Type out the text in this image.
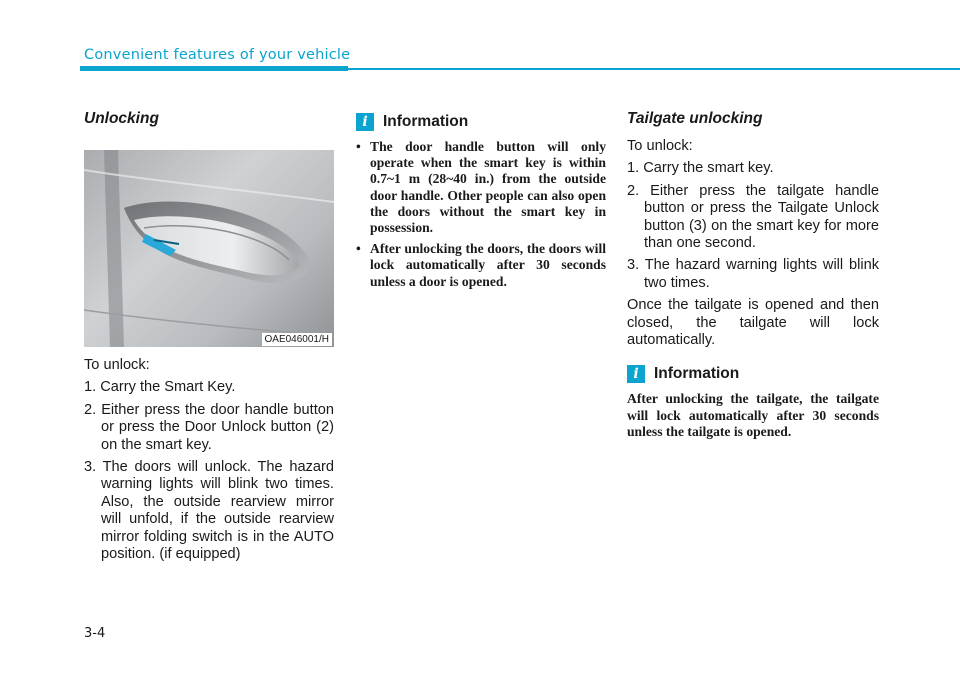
Convenient features of your vehicle
Unlocking
OAE046001/H

To unlock:

1. Carry the Smart Key.
2. Either press the door handle button or press the Door Unlock button (2) on the smart key.
3. The doors will unlock. The hazard warning lights will blink two times. Also, the outside rearview mirror will unfold, if the outside rearview mirror folding switch is in the AUTO position. (if equipped)
i Information
• The door handle button will only operate when the smart key is within 0.7~1 m (28~40 in.) from the outside door handle. Other people can also open the doors without the smart key in possession.
• After unlocking the doors, the doors will lock automatically after 30 seconds unless a door is opened.
Tailgate unlocking

To unlock:

1. Carry the smart key.
2. Either press the tailgate handle button or press the Tailgate Unlock button (3) on the smart key for more than one second.
3. The hazard warning lights will blink two times.

Once the tailgate is opened and then closed, the tailgate will lock automatically.

i Information

After unlocking the tailgate, the tailgate will lock automatically after 30 seconds unless the tailgate is opened.

3-4
